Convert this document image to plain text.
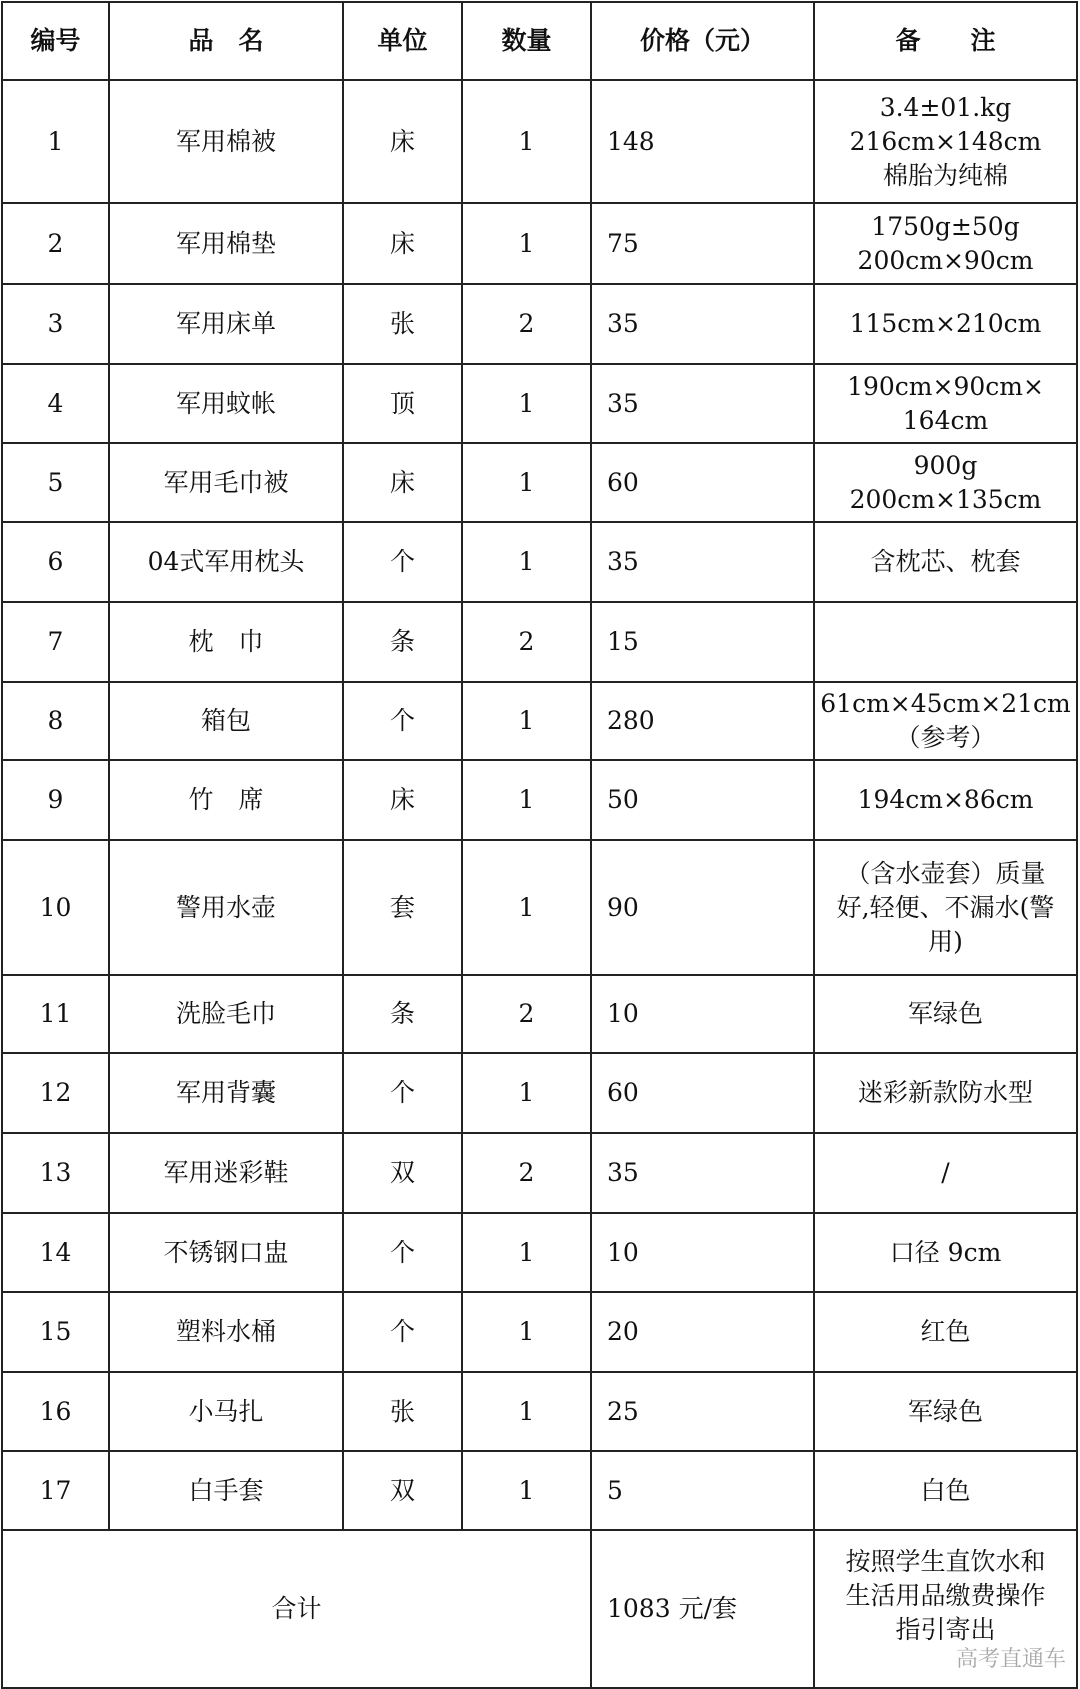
编号	品　名	单位	数量	价格（元）	备　　注
1	军用棉被	床	1	148	3.4±01.kg
216cm×148cm
棉胎为纯棉

2	军用棉垫	床	1	75	1750g±50g
200cm×90cm

3	军用床单	张	2	35	115cm×210cm

4	军用蚊帐	顶	1	35	190cm×90cm×
164cm

5	军用毛巾被	床	1	60	900g
200cm×135cm

6	04式军用枕头	个	1	35	含枕芯、枕套

7	枕　巾	条	2	15	
8	箱包	个	1	280	61cm×45cm×21cm
（参考）

9	竹　席	床	1	50	194cm×86cm

10	警用水壶	套	1	90	（含水壶套）质量
好,轻便、不漏水(警
用)

11	洗脸毛巾	条	2	10	军绿色

12	军用背囊	个	1	60	迷彩新款防水型

13	军用迷彩鞋	双	2	35	/

14	不锈钢口盅	个	1	10	口径 9cm

15	塑料水桶	个	1	20	红色

16	小马扎	张	1	25	军绿色

17	白手套	双	1	5	白色

合计				1083 元/套	按照学生直饮水和
生活用品缴费操作
指引寄出
高考直通车
